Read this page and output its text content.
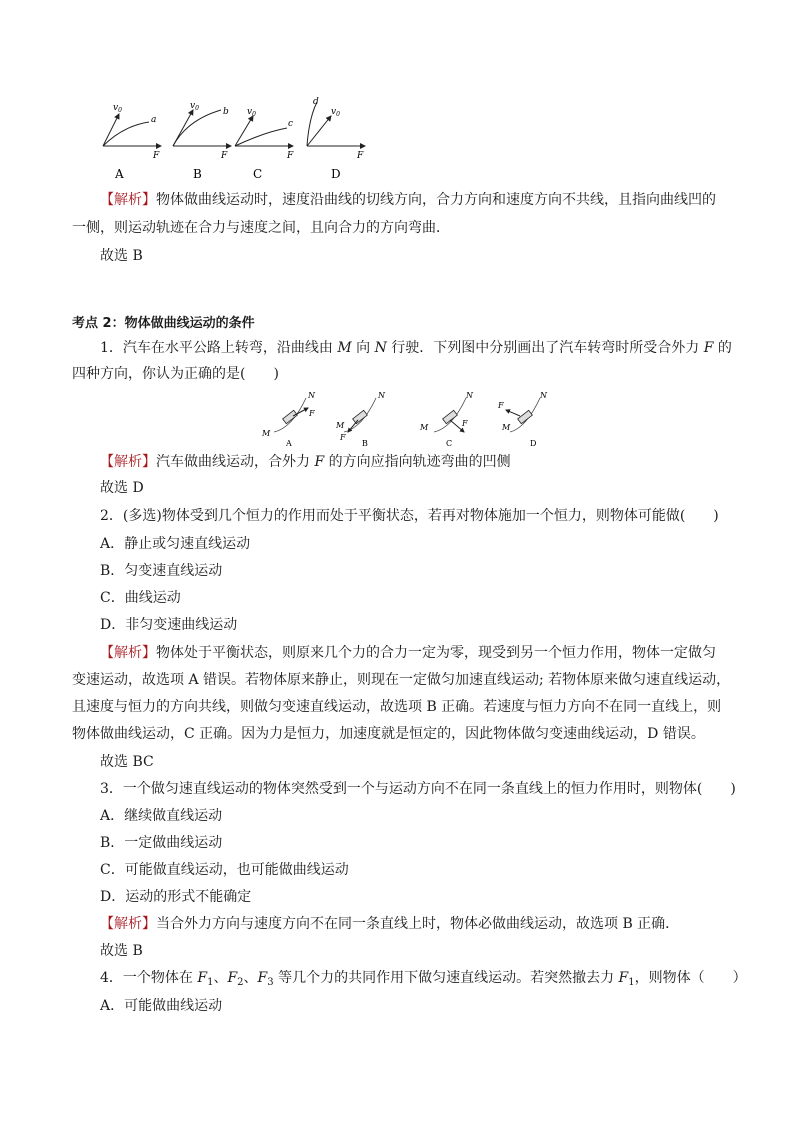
$v_0$
a
F
A
$v_0$	b
F
B
$v_0$
c
F
C
d
$v_0$
F
D
【解析】物体做曲线运动时，速度沿曲线的切线方向，合力方向和速度方向不共线，且指向曲线凹的
一侧，则运动轨迹在合力与速度之间，且向合力的方向弯曲．
故选 B
考点 2：物体做曲线运动的条件
1．汽车在水平公路上转弯，沿曲线由 M 向 N 行驶．下列图中分别画出了汽车转弯时所受合外力 F 的
四种方向，你认为正确的是(　　)
M
N
F
A
M
N
F
B
M
N
F
C
M
N
F
D
【解析】汽车做曲线运动，合外力 F 的方向应指向轨迹弯曲的凹侧
故选 D
2．(多选)物体受到几个恒力的作用而处于平衡状态，若再对物体施加一个恒力，则物体可能做(　　)
A．静止或匀速直线运动
B．匀变速直线运动
C．曲线运动
D．非匀变速曲线运动
【解析】物体处于平衡状态，则原来几个力的合力一定为零，现受到另一个恒力作用，物体一定做匀
变速运动，故选项 A 错误。若物体原来静止，则现在一定做匀加速直线运动; 若物体原来做匀速直线运动，
且速度与恒力的方向共线，则做匀变速直线运动，故选项 B 正确。若速度与恒力方向不在同一直线上，则
物体做曲线运动，C 正确。因为力是恒力，加速度就是恒定的，因此物体做匀变速曲线运动，D 错误。
故选 BC
3．一个做匀速直线运动的物体突然受到一个与运动方向不在同一条直线上的恒力作用时，则物体(　　)
A．继续做直线运动
B．一定做曲线运动
C．可能做直线运动，也可能做曲线运动
D．运动的形式不能确定
【解析】当合外力方向与速度方向不在同一条直线上时，物体必做曲线运动，故选项 B 正确．
故选 B
4．一个物体在 $F_1$、$F_2$、$F_3$ 等几个力的共同作用下做匀速直线运动。若突然撤去力 $F_1$，则物体（　　）
A．可能做曲线运动
